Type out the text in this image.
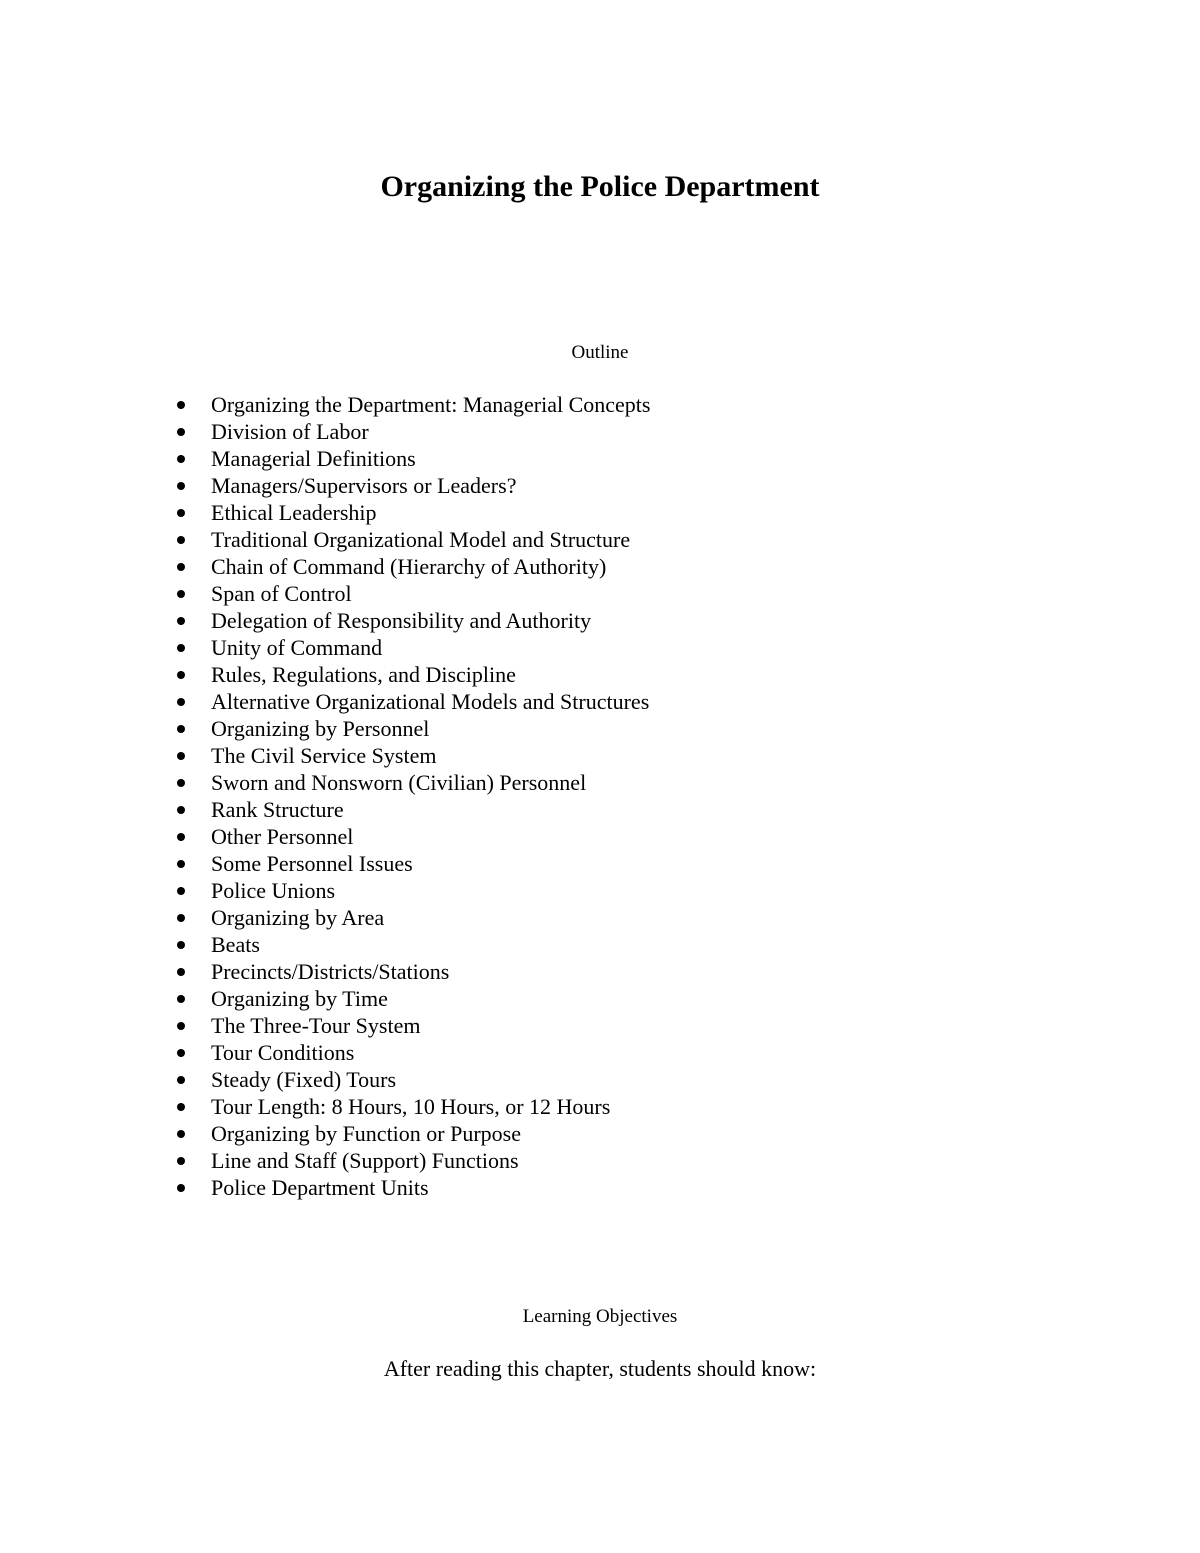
Organizing the Police Department
Outline
Organizing the Department: Managerial Concepts
Division of Labor
Managerial Definitions
Managers/Supervisors or Leaders?
Ethical Leadership
Traditional Organizational Model and Structure
Chain of Command (Hierarchy of Authority)
Span of Control
Delegation of Responsibility and Authority
Unity of Command
Rules, Regulations, and Discipline
Alternative Organizational Models and Structures
Organizing by Personnel
The Civil Service System
Sworn and Nonsworn (Civilian) Personnel
Rank Structure
Other Personnel
Some Personnel Issues
Police Unions
Organizing by Area
Beats
Precincts/Districts/Stations
Organizing by Time
The Three-Tour System
Tour Conditions
Steady (Fixed) Tours
Tour Length: 8 Hours, 10 Hours, or 12 Hours
Organizing by Function or Purpose
Line and Staff (Support) Functions
Police Department Units
Learning Objectives
After reading this chapter, students should know:
